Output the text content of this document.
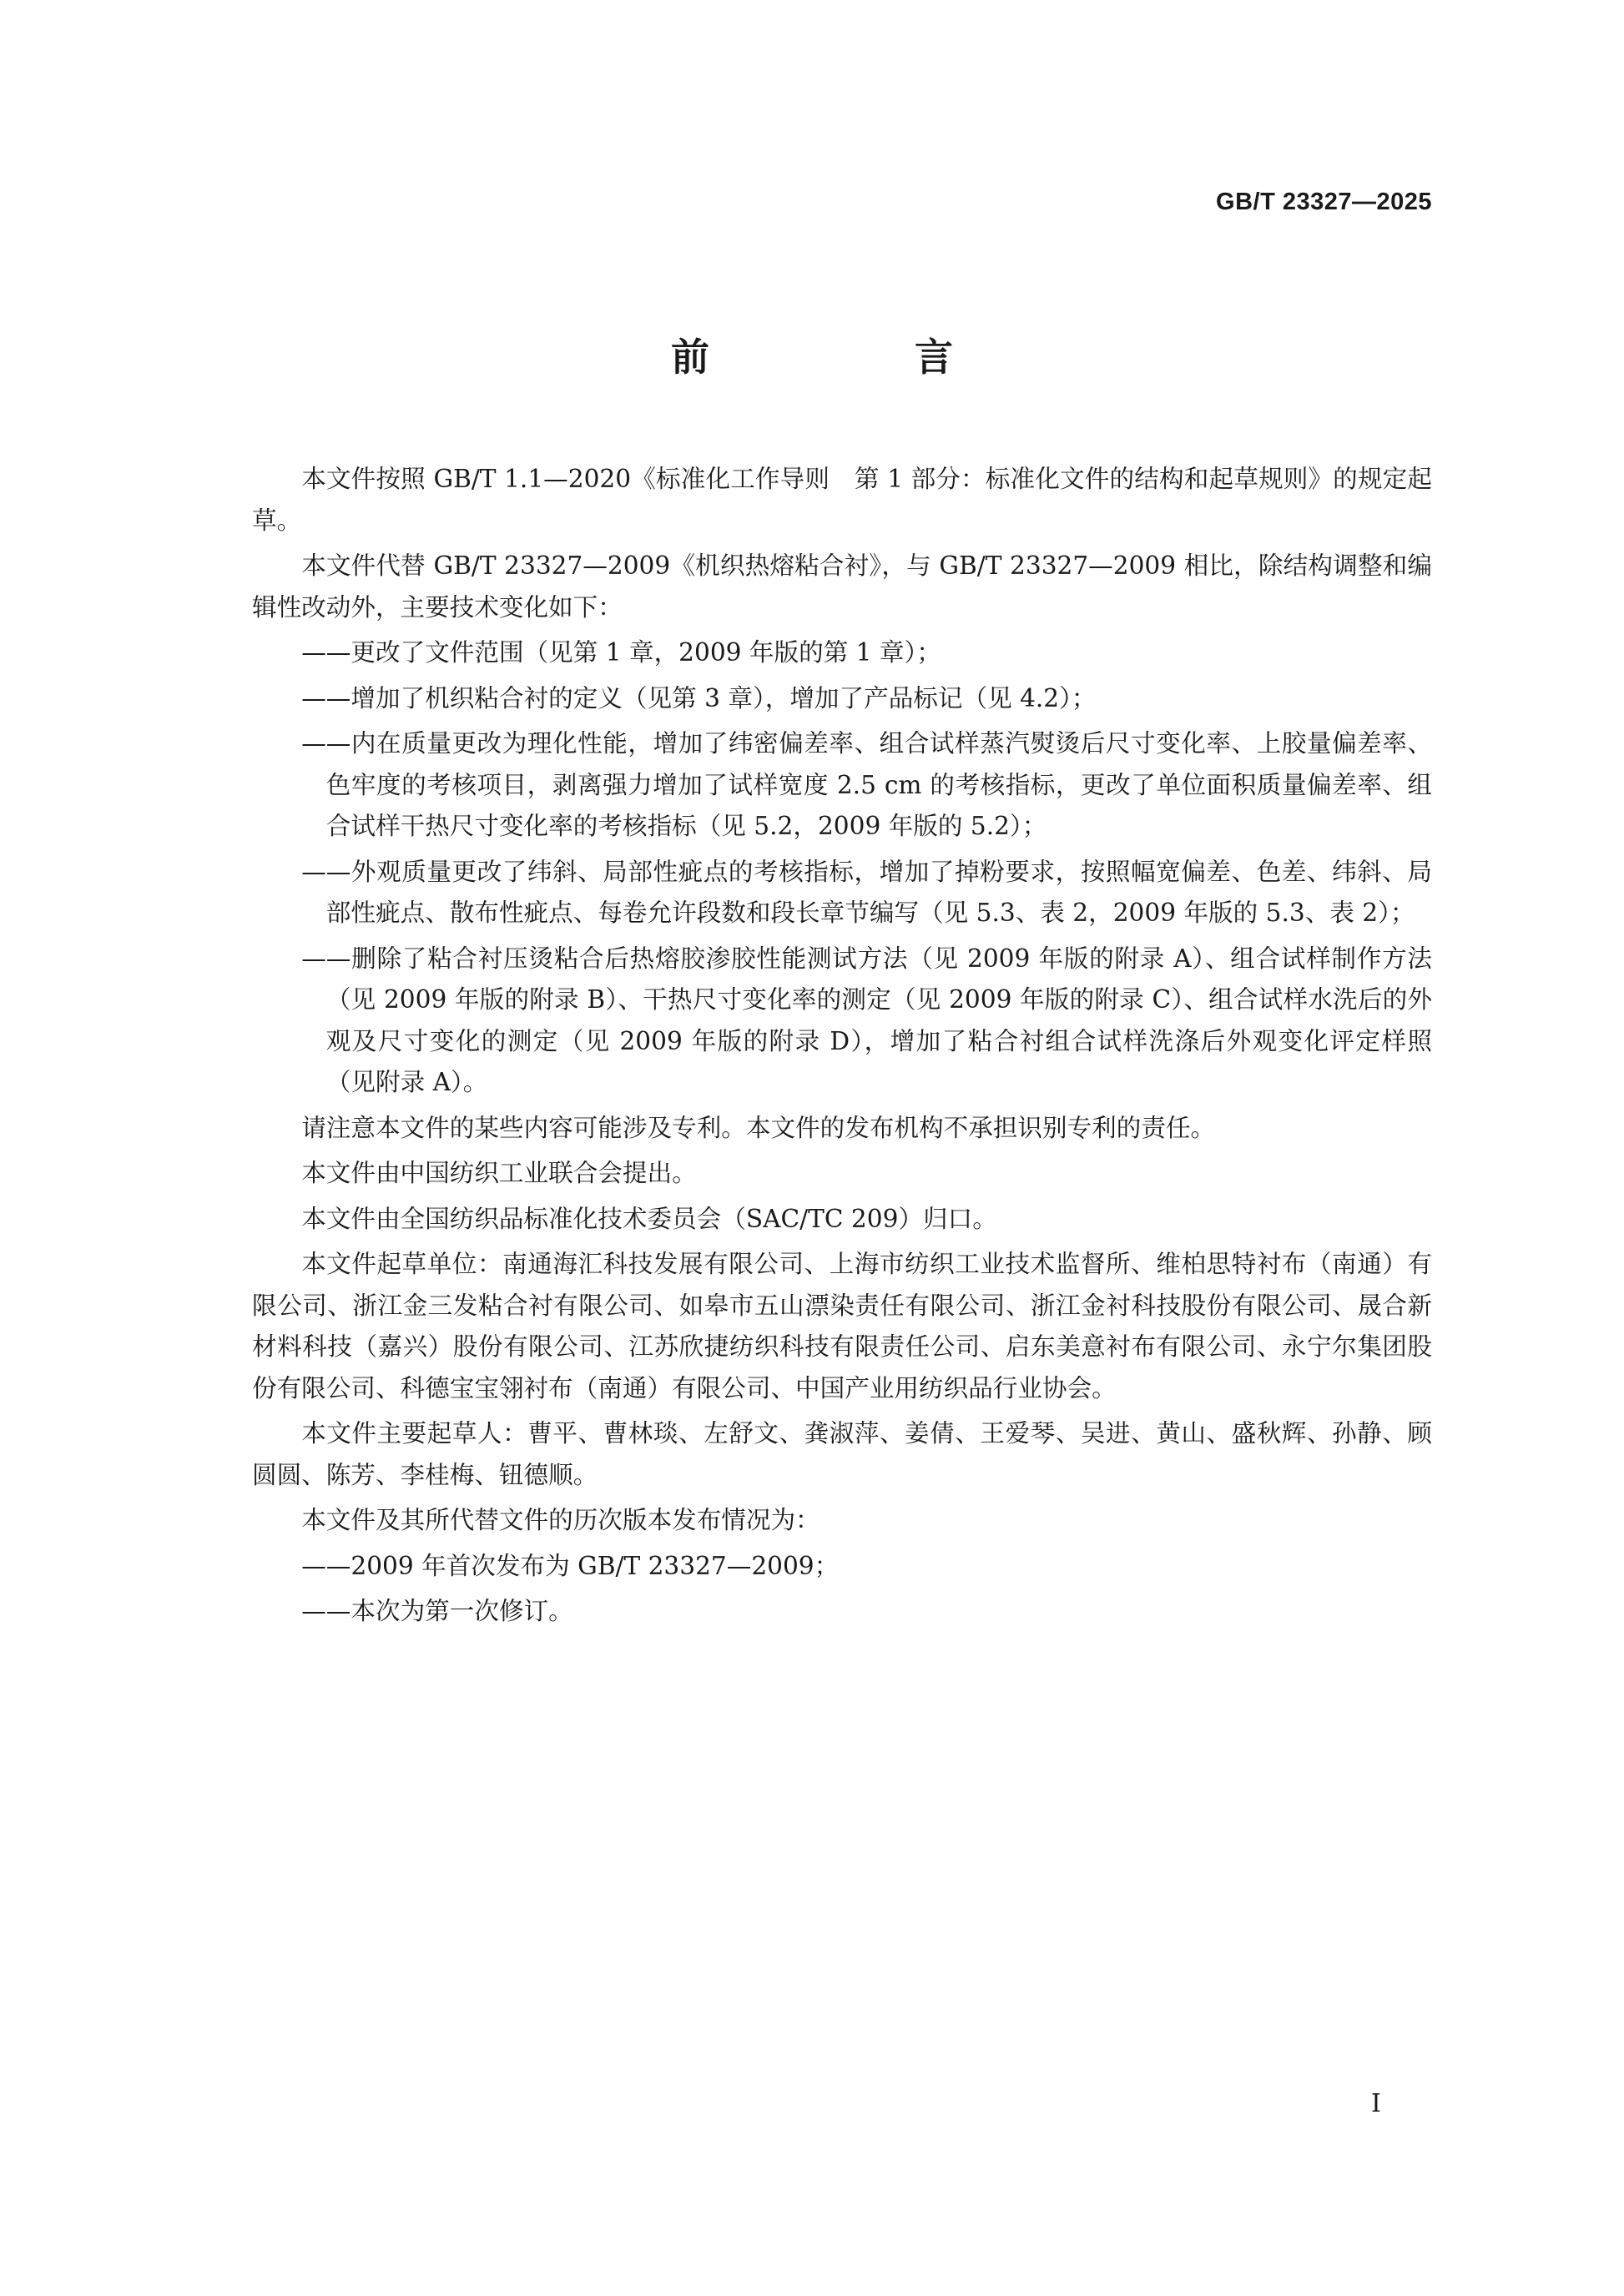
GB/T 23327—2025
前　言

本文件按照 GB/T 1.1—2020《标准化工作导则　第 1 部分：标准化文件的结构和起草规则》的规定起草。

本文件代替 GB/T 23327—2009《机织热熔粘合衬》，与 GB/T 23327—2009 相比，除结构调整和编辑性改动外，主要技术变化如下：

——更改了文件范围（见第 1 章，2009 年版的第 1 章）；

——增加了机织粘合衬的定义（见第 3 章），增加了产品标记（见 4.2）；

——内在质量更改为理化性能，增加了纬密偏差率、组合试样蒸汽熨烫后尺寸变化率、上胶量偏差率、色牢度的考核项目，剥离强力增加了试样宽度 2.5 cm 的考核指标，更改了单位面积质量偏差率、组合试样干热尺寸变化率的考核指标（见 5.2，2009 年版的 5.2）；

——外观质量更改了纬斜、局部性疵点的考核指标，增加了掉粉要求，按照幅宽偏差、色差、纬斜、局部性疵点、散布性疵点、每卷允许段数和段长章节编写（见 5.3、表 2，2009 年版的 5.3、表 2）；

——删除了粘合衬压烫粘合后热熔胶渗胶性能测试方法（见 2009 年版的附录 A）、组合试样制作方法（见 2009 年版的附录 B）、干热尺寸变化率的测定（见 2009 年版的附录 C）、组合试样水洗后的外观及尺寸变化的测定（见 2009 年版的附录 D），增加了粘合衬组合试样洗涤后外观变化评定样照（见附录 A）。

请注意本文件的某些内容可能涉及专利。本文件的发布机构不承担识别专利的责任。

本文件由中国纺织工业联合会提出。

本文件由全国纺织品标准化技术委员会（SAC/TC 209）归口。

本文件起草单位：南通海汇科技发展有限公司、上海市纺织工业技术监督所、维柏思特衬布（南通）有限公司、浙江金三发粘合衬有限公司、如皋市五山漂染责任有限公司、浙江金衬科技股份有限公司、晟合新材料科技（嘉兴）股份有限公司、江苏欣捷纺织科技有限责任公司、启东美意衬布有限公司、永宁尔集团股份有限公司、科德宝宝翎衬布（南通）有限公司、中国产业用纺织品行业协会。

本文件主要起草人：曹平、曹林琰、左舒文、龚淑萍、姜倩、王爱琴、吴进、黄山、盛秋辉、孙静、顾圆圆、陈芳、李桂梅、钮德顺。

本文件及其所代替文件的历次版本发布情况为：

——2009 年首次发布为 GB/T 23327—2009；

——本次为第一次修订。

I
